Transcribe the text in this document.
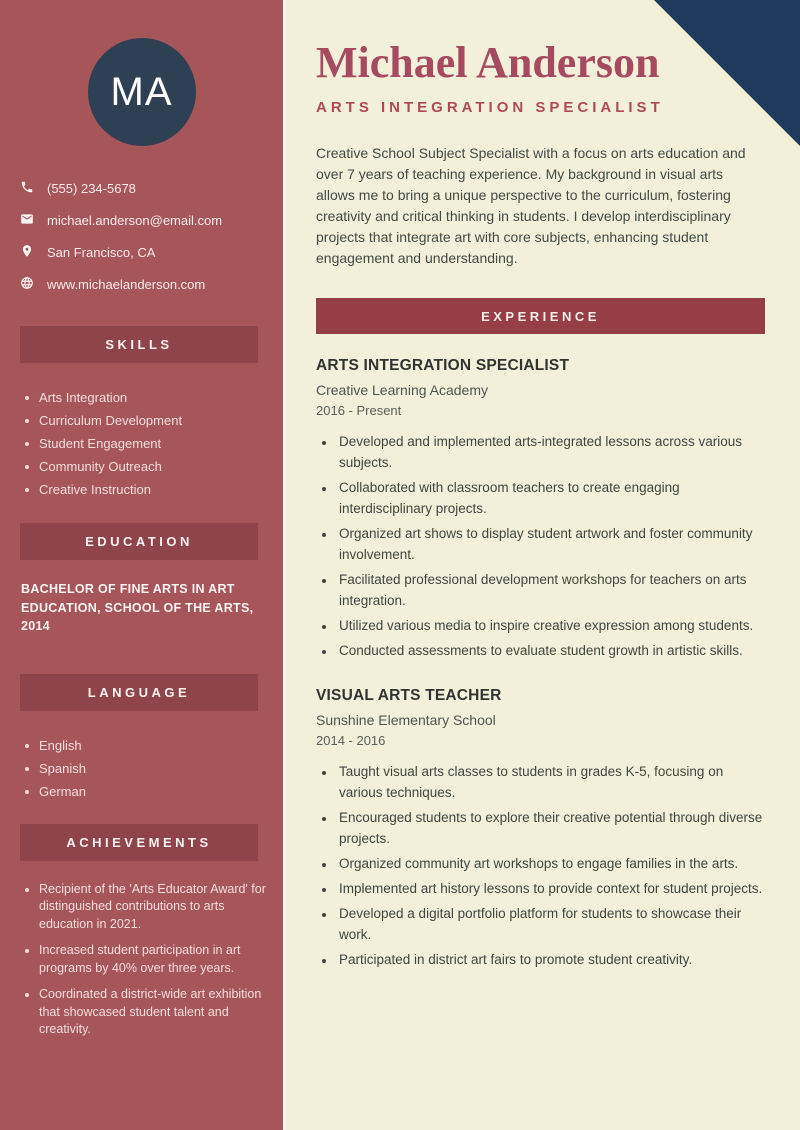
MA
(555) 234-5678
michael.anderson@email.com
San Francisco, CA
www.michaelanderson.com
SKILLS
Arts Integration
Curriculum Development
Student Engagement
Community Outreach
Creative Instruction
EDUCATION

BACHELOR OF FINE ARTS IN ART EDUCATION, SCHOOL OF THE ARTS, 2014

LANGUAGE
English
Spanish
German
ACHIEVEMENTS
Recipient of the 'Arts Educator Award' for distinguished contributions to arts education in 2021.
Increased student participation in art programs by 40% over three years.
Coordinated a district-wide art exhibition that showcased student talent and creativity.
Michael Anderson
ARTS INTEGRATION SPECIALIST

Creative School Subject Specialist with a focus on arts education and over 7 years of teaching experience. My background in visual arts allows me to bring a unique perspective to the curriculum, fostering creativity and critical thinking in students. I develop interdisciplinary projects that integrate art with core subjects, enhancing student engagement and understanding.

EXPERIENCE
ARTS INTEGRATION SPECIALIST
Creative Learning Academy
2016 - Present
• Developed and implemented arts-integrated lessons across various subjects.
• Collaborated with classroom teachers to create engaging interdisciplinary projects.
• Organized art shows to display student artwork and foster community involvement.
• Facilitated professional development workshops for teachers on arts integration.
• Utilized various media to inspire creative expression among students.
• Conducted assessments to evaluate student growth in artistic skills.
VISUAL ARTS TEACHER
Sunshine Elementary School
2014 - 2016
• Taught visual arts classes to students in grades K-5, focusing on various techniques.
• Encouraged students to explore their creative potential through diverse projects.
• Organized community art workshops to engage families in the arts.
• Implemented art history lessons to provide context for student projects.
• Developed a digital portfolio platform for students to showcase their work.
• Participated in district art fairs to promote student creativity.
